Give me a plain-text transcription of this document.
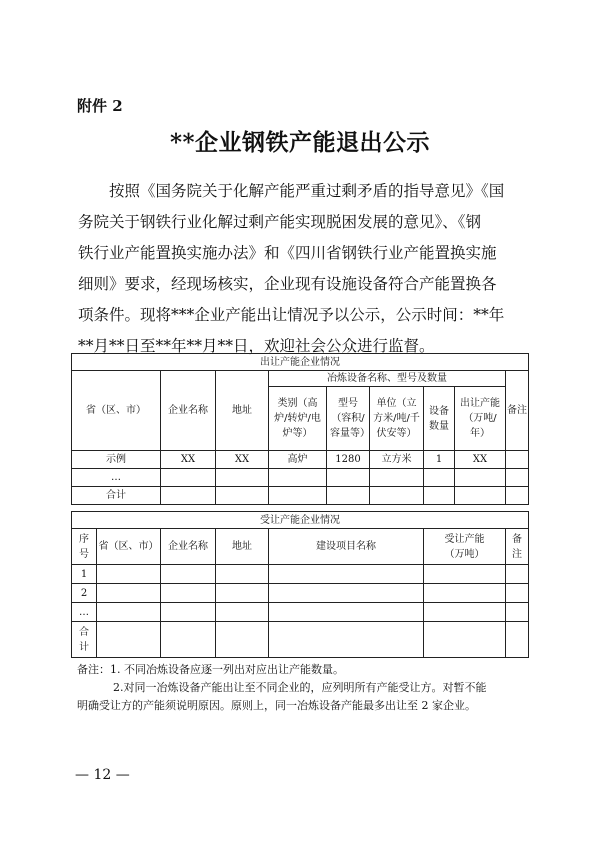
附件 2
**企业钢铁产能退出公示
按照《国务院关于化解产能严重过剩矛盾的指导意见》《国
务院关于钢铁行业化解过剩产能实现脱困发展的意见》、《钢
铁行业产能置换实施办法》和《四川省钢铁行业产能置换实施
细则》要求，经现场核实，企业现有设施设备符合产能置换各
项条件。现将***企业产能出让情况予以公示，公示时间：**年
**月**日至**年**月**日，欢迎社会公众进行监督。
出让产能企业情况								
省（区、市）	企业名称	地址	冶炼设备名称、型号及数量					备注
			类别（高炉/转炉/电炉等）	型号（容积/容量等）	单位（立方米/吨/千伏安等）	设备数量	出让产能（万吨/年）	
示例	XX	XX	高炉	1280	立方米	1	XX	
…								
合计								
受让产能企业情况						
序号	省（区、市）	企业名称	地址	建设项目名称	受让产能（万吨）	备注
1						
2						
…						
合计						
备注：1. 不同冶炼设备应逐一列出对应出让产能数量。
2.对同一冶炼设备产能出让至不同企业的，应列明所有产能受让方。对暂不能
明确受让方的产能须说明原因。原则上，同一冶炼设备产能最多出让至 2 家企业。
— 12 —
